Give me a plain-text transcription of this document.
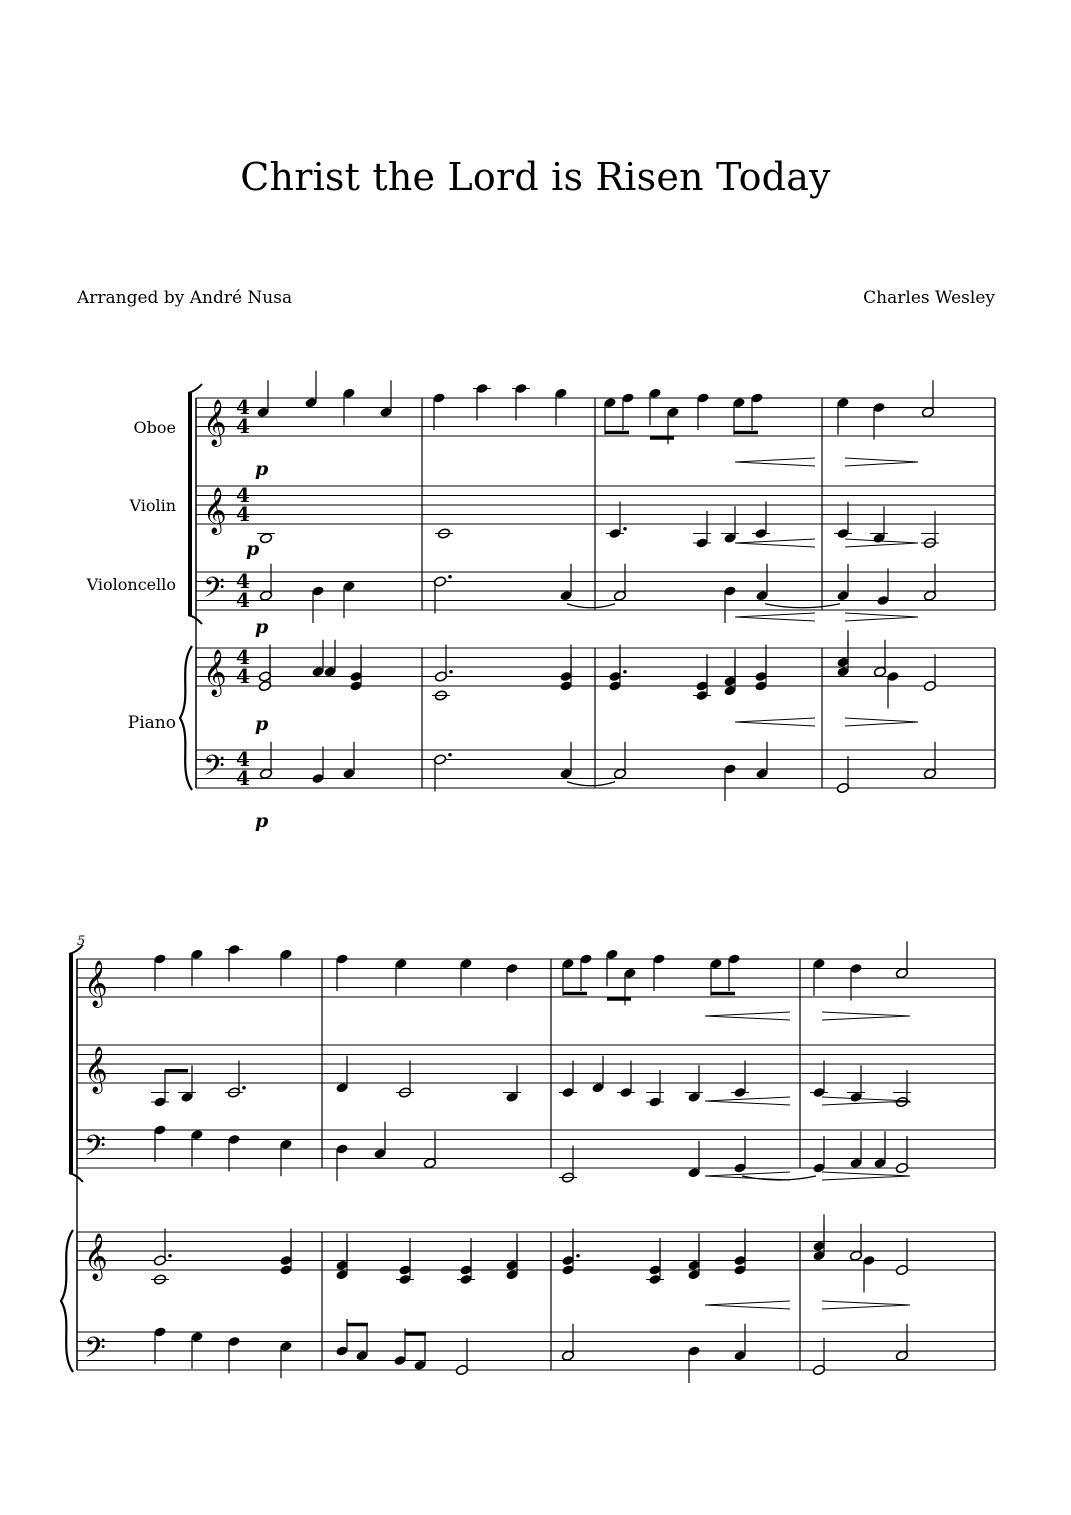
Christ the Lord is Risen Today
Arranged by André Nusa	Charles Wesley
𝄞
𝄞
𝄢
𝄞
𝄢
𝄞
𝄞
𝄢
𝄞
𝄢
4
4
4
4
4
4
4
4
4
4
Oboe
Violin
Violoncello
Piano
p
p
p
p
p
5
